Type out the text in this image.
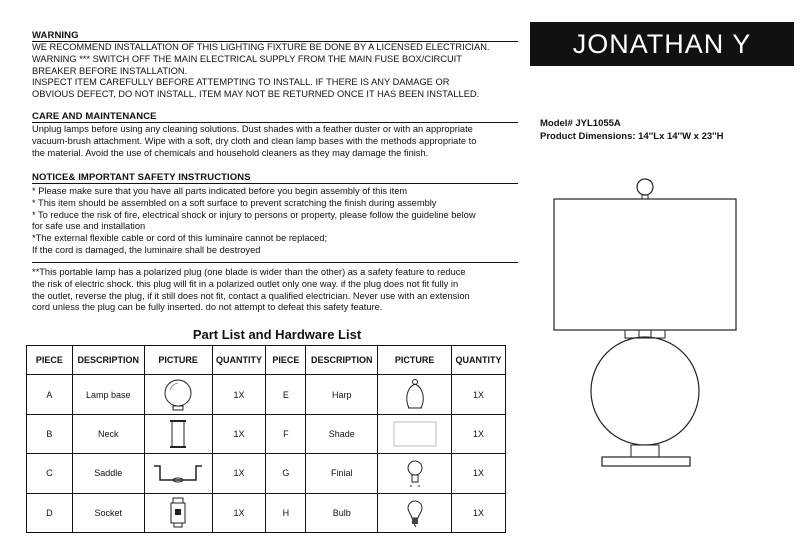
WARNING
WE RECOMMEND INSTALLATION OF THIS LIGHTING FIXTURE BE DONE BY A LICENSED ELECTRICIAN.
WARNING *** SWITCH OFF THE MAIN ELECTRICAL SUPPLY FROM THE MAIN FUSE BOX/CIRCUIT
BREAKER BEFORE INSTALLATION.
INSPECT ITEM CAREFULLY BEFORE ATTEMPTING TO INSTALL. IF THERE IS ANY DAMAGE OR
OBVIOUS DEFECT, DO NOT INSTALL. ITEM MAY NOT BE RETURNED ONCE IT HAS BEEN INSTALLED.
CARE AND MAINTENANCE
Unplug lamps before using any cleaning solutions. Dust shades with a feather duster or with an appropriate
vacuum-brush attachment. Wipe with a soft, dry cloth and clean lamp bases with the methods appropriate to
the material. Avoid the use of chemicals and household cleaners as they may damage the finish.
NOTICE& IMPORTANT SAFETY INSTRUCTIONS
* Please make sure that you have all parts indicated before you begin assembly of this item
* This item should be assembled on a soft surface to prevent scratching the finish during assembly
* To reduce the risk of fire, electrical shock or injury to persons or property, please follow the guideline below
for safe use and installation
*The external flexible cable or cord of this luminaire cannot be replaced;
If the cord is damaged, the luminaire shall be destroyed
**This portable lamp has a polarized plug (one blade is wider than the other) as a safety feature to reduce
the risk of electric shock. this plug will fit in a polarized outlet only one way. if the plug does not fit fully in
the outlet, reverse the plug, if it still does not fit, contact a qualified electrician. Never use with an extension
cord unless the plug can be fully inserted. do not attempt to defeat this safety feature.
JONATHAN Y
Model# JYL1055A
Product Dimensions: 14''Lx 14''W x 23''H
Part List and Hardware List
PIECE	DESCRIPTION	PICTURE	QUANTITY	PIECE	DESCRIPTION	PICTURE	QUANTITY
A	Lamp base		1X	E	Harp		1X
B	Neck		1X	F	Shade		1X
C	Saddle		1X	G	Finial		1X
D	Socket		1X	H	Bulb		1X
